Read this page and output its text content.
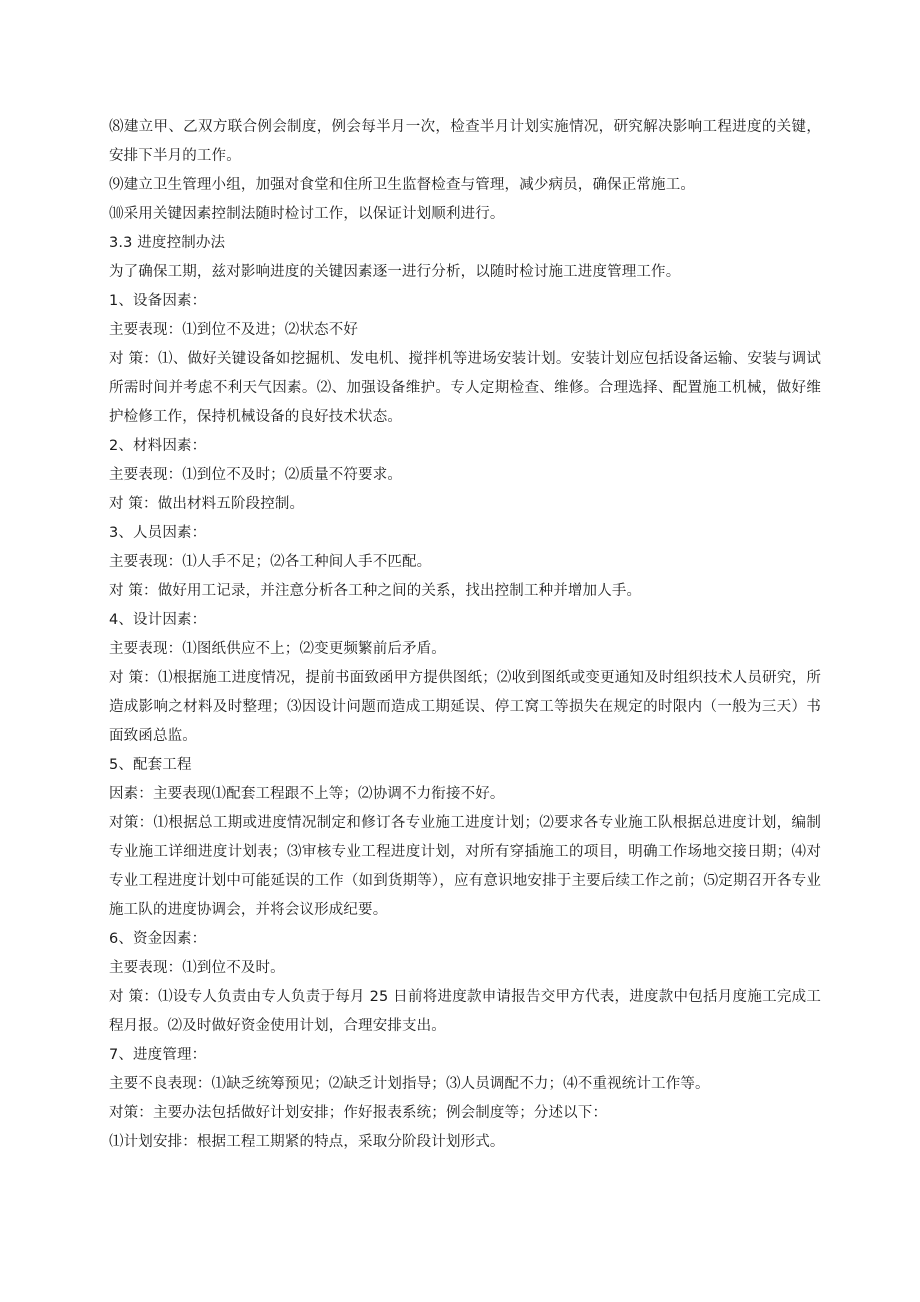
⑻建立甲、乙双方联合例会制度，例会每半月一次，检查半月计划实施情况，研究解决影响工程进度的关键，安排下半月的工作。

⑼建立卫生管理小组，加强对食堂和住所卫生监督检查与管理，减少病员，确保正常施工。

⑽采用关键因素控制法随时检讨工作，以保证计划顺利进行。

3.3 进度控制办法

为了确保工期，兹对影响进度的关键因素逐一进行分析，以随时检讨施工进度管理工作。

1、设备因素：

主要表现：⑴到位不及进；⑵状态不好

对 策：⑴、做好关键设备如挖掘机、发电机、搅拌机等进场安装计划。安装计划应包括设备运输、安装与调试所需时间并考虑不利天气因素。⑵、加强设备维护。专人定期检查、维修。合理选择、配置施工机械，做好维护检修工作，保持机械设备的良好技术状态。

2、材料因素：

主要表现：⑴到位不及时；⑵质量不符要求。

对 策：做出材料五阶段控制。

3、人员因素：

主要表现：⑴人手不足；⑵各工种间人手不匹配。

对 策：做好用工记录，并注意分析各工种之间的关系，找出控制工种并增加人手。

4、设计因素：

主要表现：⑴图纸供应不上；⑵变更频繁前后矛盾。

对 策：⑴根据施工进度情况，提前书面致函甲方提供图纸；⑵收到图纸或变更通知及时组织技术人员研究，所造成影响之材料及时整理；⑶因设计问题而造成工期延误、停工窝工等损失在规定的时限内（一般为三天）书面致函总监。

5、配套工程

因素：主要表现⑴配套工程跟不上等；⑵协调不力衔接不好。

对策：⑴根据总工期或进度情况制定和修订各专业施工进度计划；⑵要求各专业施工队根据总进度计划，编制专业施工详细进度计划表；⑶审核专业工程进度计划，对所有穿插施工的项目，明确工作场地交接日期；⑷对专业工程进度计划中可能延误的工作（如到货期等），应有意识地安排于主要后续工作之前；⑸定期召开各专业施工队的进度协调会，并将会议形成纪要。

6、资金因素：

主要表现：⑴到位不及时。

对 策：⑴设专人负责由专人负责于每月 25 日前将进度款申请报告交甲方代表，进度款中包括月度施工完成工程月报。⑵及时做好资金使用计划，合理安排支出。

7、进度管理：

主要不良表现：⑴缺乏统筹预见；⑵缺乏计划指导；⑶人员调配不力；⑷不重视统计工作等。

对策：主要办法包括做好计划安排；作好报表系统；例会制度等；分述以下：

⑴计划安排：根据工程工期紧的特点，采取分阶段计划形式。
